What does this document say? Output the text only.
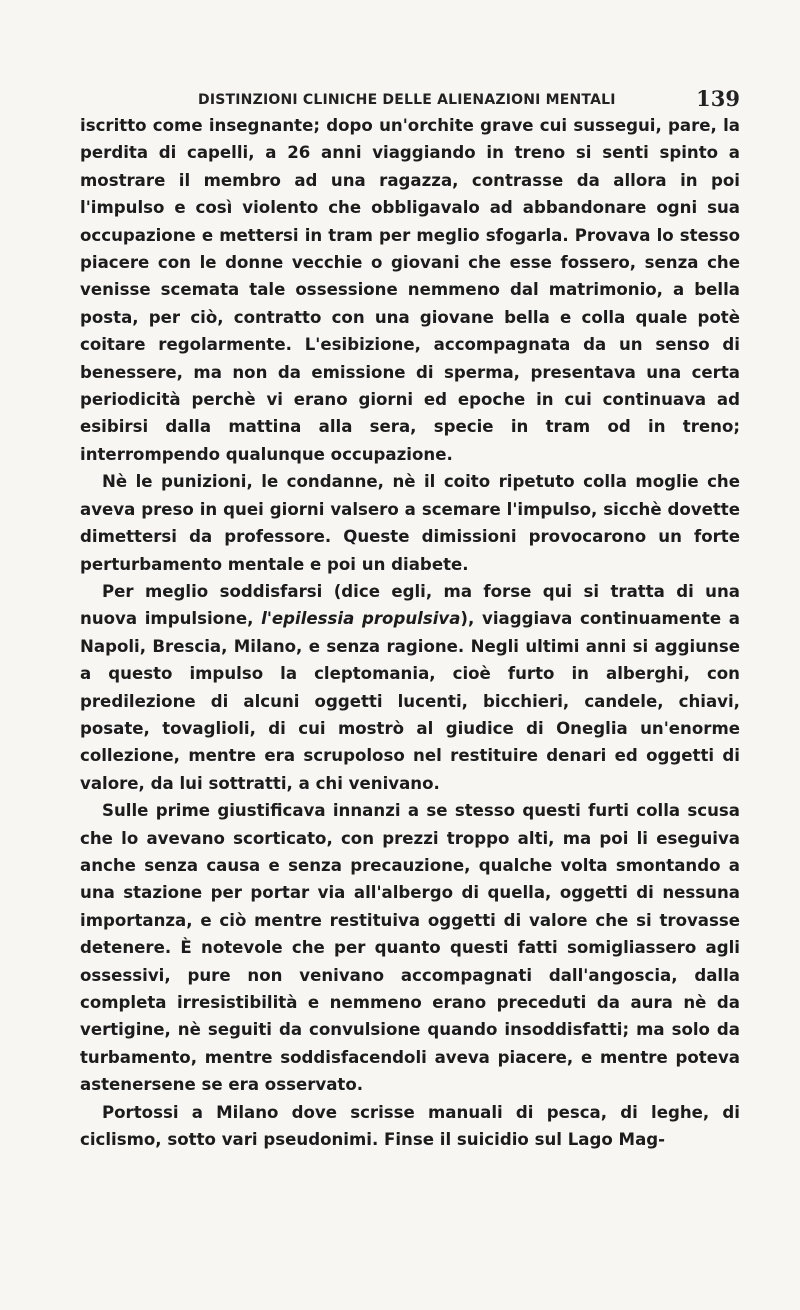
DISTINZIONI CLINICHE DELLE ALIENAZIONI MENTALI	139

iscritto come insegnante; dopo un'orchite grave cui sussegui, pare, la perdita di capelli, a 26 anni viaggiando in treno si senti spinto a mostrare il membro ad una ragazza, contrasse da allora in poi l'impulso e così violento che obbligavalo ad abbandonare ogni sua occupazione e mettersi in tram per meglio sfogarla. Provava lo stesso piacere con le donne vecchie o giovani che esse fossero, senza che venisse scemata tale ossessione nemmeno dal matrimonio, a bella posta, per ciò, contratto con una giovane bella e colla quale potè coitare regolarmente. L'esibizione, accompagnata da un senso di benessere, ma non da emissione di sperma, presentava una certa periodicità perchè vi erano giorni ed epoche in cui continuava ad esibirsi dalla mattina alla sera, specie in tram od in treno; interrompendo qualunque occupazione.

Nè le punizioni, le condanne, nè il coito ripetuto colla moglie che aveva preso in quei giorni valsero a scemare l'impulso, sicchè dovette dimettersi da professore. Queste dimissioni provocarono un forte perturbamento mentale e poi un diabete.

Per meglio soddisfarsi (dice egli, ma forse qui si tratta di una nuova impulsione, l'epilessia propulsiva), viaggiava continuamente a Napoli, Brescia, Milano, e senza ragione. Negli ultimi anni si aggiunse a questo impulso la cleptomania, cioè furto in alberghi, con predilezione di alcuni oggetti lucenti, bicchieri, candele, chiavi, posate, tovaglioli, di cui mostrò al giudice di Oneglia un'enorme collezione, mentre era scrupoloso nel restituire denari ed oggetti di valore, da lui sottratti, a chi venivano.

Sulle prime giustificava innanzi a se stesso questi furti colla scusa che lo avevano scorticato, con prezzi troppo alti, ma poi li eseguiva anche senza causa e senza precauzione, qualche volta smontando a una stazione per portar via all'albergo di quella, oggetti di nessuna importanza, e ciò mentre restituiva oggetti di valore che si trovasse detenere. È notevole che per quanto questi fatti somigliassero agli ossessivi, pure non venivano accompagnati dall'angoscia, dalla completa irresistibilità e nemmeno erano preceduti da aura nè da vertigine, nè seguiti da convulsione quando insoddisfatti; ma solo da turbamento, mentre soddisfacendoli aveva piacere, e mentre poteva astenersene se era osservato.

Portossi a Milano dove scrisse manuali di pesca, di leghe, di ciclismo, sotto vari pseudonimi. Finse il suicidio sul Lago Mag-
